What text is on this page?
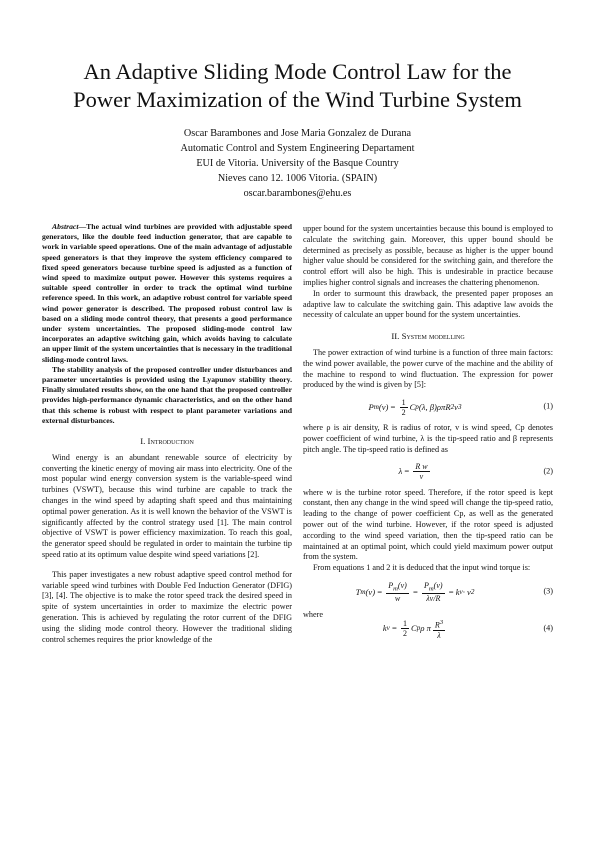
An Adaptive Sliding Mode Control Law for the
Power Maximization of the Wind Turbine System
Oscar Barambones and Jose Maria Gonzalez de Durana
Automatic Control and System Engineering Departament
EUI de Vitoria. University of the Basque Country
Nieves cano 12. 1006 Vitoria. (SPAIN)
oscar.barambones@ehu.es

Abstract—The actual wind turbines are provided with adjustable speed generators, like the double feed induction generator, that are capable to work in variable speed operations. One of the main advantage of adjustable speed generators is that they improve the system efficiency compared to fixed speed generators because turbine speed is adjusted as a function of wind speed to maximize output power. However this systems requires a suitable speed controller in order to track the optimal wind turbine reference speed. In this work, an adaptive robust control for variable speed wind power generator is described. The proposed robust control law is based on a sliding mode control theory, that presents a good performance under system uncertainties. The proposed sliding-mode control law incorporates an adaptive switching gain, which avoids having to calculate an upper limit of the system uncertainties that is necessary in the traditional sliding-mode control laws.

The stability analysis of the proposed controller under disturbances and parameter uncertainties is provided using the Lyapunov stability theory. Finally simulated results show, on the one hand that the proposed controller provides high-performance dynamic characteristics, and on the other hand that this scheme is robust with respect to plant parameter variations and external disturbances.

I. Introduction

Wind energy is an abundant renewable source of electricity by converting the kinetic energy of moving air mass into electricity. One of the most popular wind energy conversion system is the variable-speed wind turbines (VSWT), because this wind turbine are capable to track the changes in the wind speed by adapting shaft speed and thus maintaining optimal power generation. As it is well known the behavior of the VSWT is significantly affected by the control strategy used [1]. The main control objective of VSWT is power efficiency maximization. To reach this goal, the generator speed should be regulated in order to maintain the turbine tip speed ratio at its optimum value despite wind speed variations [2].

This paper investigates a new robust adaptive speed control method for variable speed wind turbines with Double Fed Induction Generator (DFIG) [3], [4]. The objective is to make the rotor speed track the desired speed in spite of system uncertainties in order to maximize the electric power generation. This is achieved by regulating the rotor current of the DFIG using the sliding mode control theory. However the traditional sliding control schemes requires the prior knowledge of the

upper bound for the system uncertainties because this bound is employed to calculate the switching gain. Moreover, this upper bound should be determined as precisely as possible, because as higher is the upper bound higher value should be considered for the switching gain, and therefore the control effort will also be high. This is undesirable in practice because implies higher control signals and increases the chattering phenomenon.

In order to surmount this drawback, the presented paper proposes an adaptive law to calculate the switching gain. This adaptive law avoids the necessity of calculate an upper bound for the system uncertainties.

II. System modelling

The power extraction of wind turbine is a function of three main factors: the wind power available, the power curve of the machine and the ability of the machine to respond to wind fluctuation. The expression for power produced by the wind is given by [5]:

P m $(v) = \frac{1}{2}$ C p (λ, β)ρπR 2 v 3	(1)

where ρ is air density, R is radius of rotor, v is wind speed, Cp denotes power coefficient of wind turbine, λ is the tip-speed ratio and β represents pitch angle. The tip-speed ratio is defined as

$\lambda = \frac{\text{R w}}{v}$	(2)

where w is the turbine rotor speed. Therefore, if the rotor speed is kept constant, then any change in the wind speed will change the tip-speed ratio, leading to the change of power coefficient Cp, as well as the generated power out of the wind turbine. However, if the rotor speed is adjusted according to the wind speed variation, then the tip-speed ratio can be maintained at an optimal point, which could yield maximum power output from the system.

From equations 1 and 2 it is deduced that the input wind torque is:

T m $(v) = \frac{P_m(v)}{w} = \frac{P_m(v)}{\lambda v/R} = k$ v · v 2	(3)

where

k $v = \frac{1}{2}$ C p ρ π $\frac{R^3}{\lambda}$	(4)
